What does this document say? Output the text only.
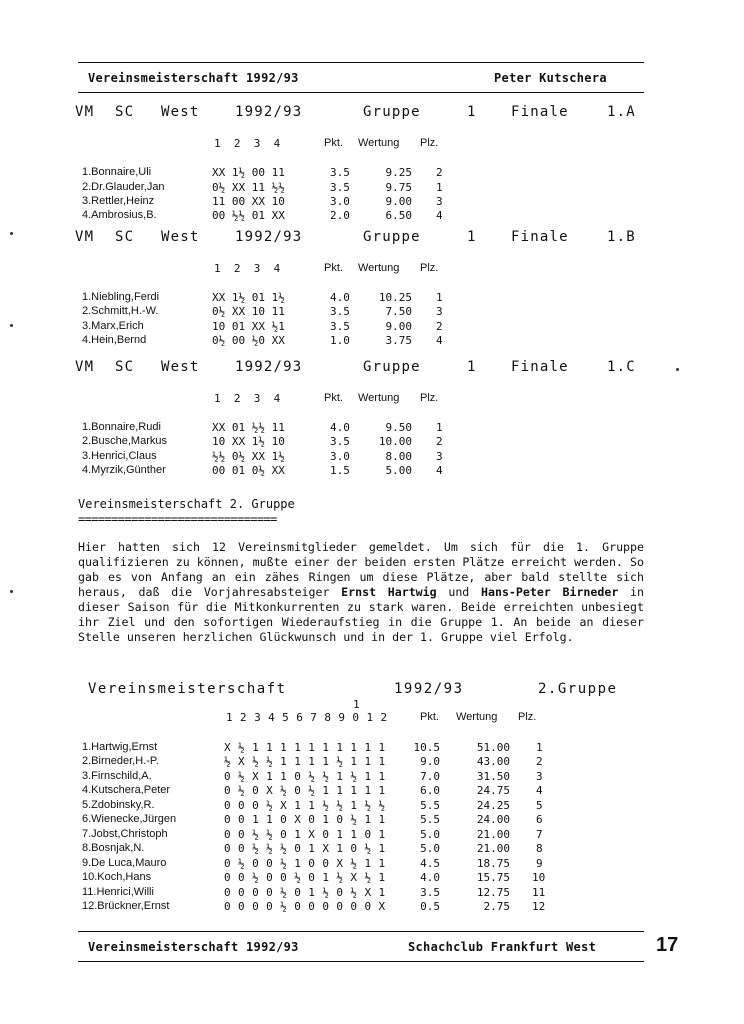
Vereinsmeisterschaft 1992/93	Peter Kutschera
VM SC West	1992/93	Gruppe	1 Finale	1.A
1  2  3  4	Pkt. Wertung Plz.
1.Bonnaire,Uli	XX 1½ 00 11	3.5	9.25 2
2.Dr.Glauder,Jan	0½ XX 11 ½½	3.5	9.75 1
3.Rettler,Heinz	11 00 XX 10	3.0	9.00 3
4.Ambrosius,B.	00 ½½ 01 XX	2.0	6.50 4
VM SC West	1992/93	Gruppe	1 Finale	1.B
1  2  3  4	Pkt. Wertung Plz.
1.Niebling,Ferdi	XX 1½ 01 1½	4.0	10.25 1
2.Schmitt,H.-W.	0½ XX 10 11	3.5	7.50 3
3.Marx,Erich	10 01 XX ½1	3.5	9.00 2
4.Hein,Bernd	0½ 00 ½0 XX	1.0	3.75 4
VM SC West	1992/93	Gruppe	1 Finale	1.C
1  2  3  4	Pkt. Wertung Plz.
1.Bonnaire,Rudi	XX 01 ½½ 11	4.0	9.50 1
2.Busche,Markus	10 XX 1½ 10	3.5	10.00 2
3.Henrici,Claus	½½ 0½ XX 1½	3.0	8.00 3
4.Myrzik,Günther	00 01 0½ XX	1.5	5.00 4
Vereinsmeisterschaft 2. Gruppe
==============================

Hier hatten sich 12 Vereinsmitglieder gemeldet. Um sich für die 1. Gruppe qualifizieren zu können, mußte einer der beiden ersten Plätze erreicht werden. So gab es von Anfang an ein zähes Ringen um diese Plätze, aber bald stellte sich heraus, daß die Vorjahresabsteiger Ernst Hartwig und Hans-Peter Birneder in dieser Saison für die Mitkonkurrenten zu stark waren. Beide erreichten unbesiegt ihr Ziel und den sofortigen Wiederaufstieg in die Gruppe 1. An beide an dieser Stelle unseren herzlichen Glückwunsch und in der 1. Gruppe viel Erfolg.

Vereinsmeisterschaft	1992/93	2.Gruppe
1
1 2 3 4 5 6 7 8 9 0 1 2	Pkt. Wertung Plz.
1.Hartwig,Ernst	X ½ 1 1 1 1 1 1 1 1 1 1	10.5	51.00 1
2.Birneder,H.-P.	½ X ½ ½ 1 1 1 1 ½ 1 1 1	9.0	43.00 2
3.Firnschild,A.	0 ½ X 1 1 0 ½ ½ 1 ½ 1 1	7.0	31.50 3
4.Kutschera,Peter	0 ½ 0 X ½ 0 ½ 1 1 1 1 1	6.0	24.75 4
5.Zdobinsky,R.	0 0 0 ½ X 1 1 ½ ½ 1 ½ ½	5.5	24.25 5
6.Wienecke,Jürgen	0 0 1 1 0 X 0 1 0 ½ 1 1	5.5	24.00 6
7.Jobst,Christoph	0 0 ½ ½ 0 1 X 0 1 1 0 1	5.0	21.00 7
8.Bosnjak,N.	0 0 ½ ½ ½ 0 1 X 1 0 ½ 1	5.0	21.00 8
9.De Luca,Mauro	0 ½ 0 0 ½ 1 0 0 X ½ 1 1	4.5	18.75 9
10.Koch,Hans	0 0 ½ 0 0 ½ 0 1 ½ X ½ 1	4.0	15.75 10
11.Henrici,Willi	0 0 0 0 ½ 0 1 ½ 0 ½ X 1	3.5	12.75 11
12.Brückner,Ernst	0 0 0 0 ½ 0 0 0 0 0 0 X	0.5	2.75 12
Vereinsmeisterschaft 1992/93	Schachclub Frankfurt West	17
